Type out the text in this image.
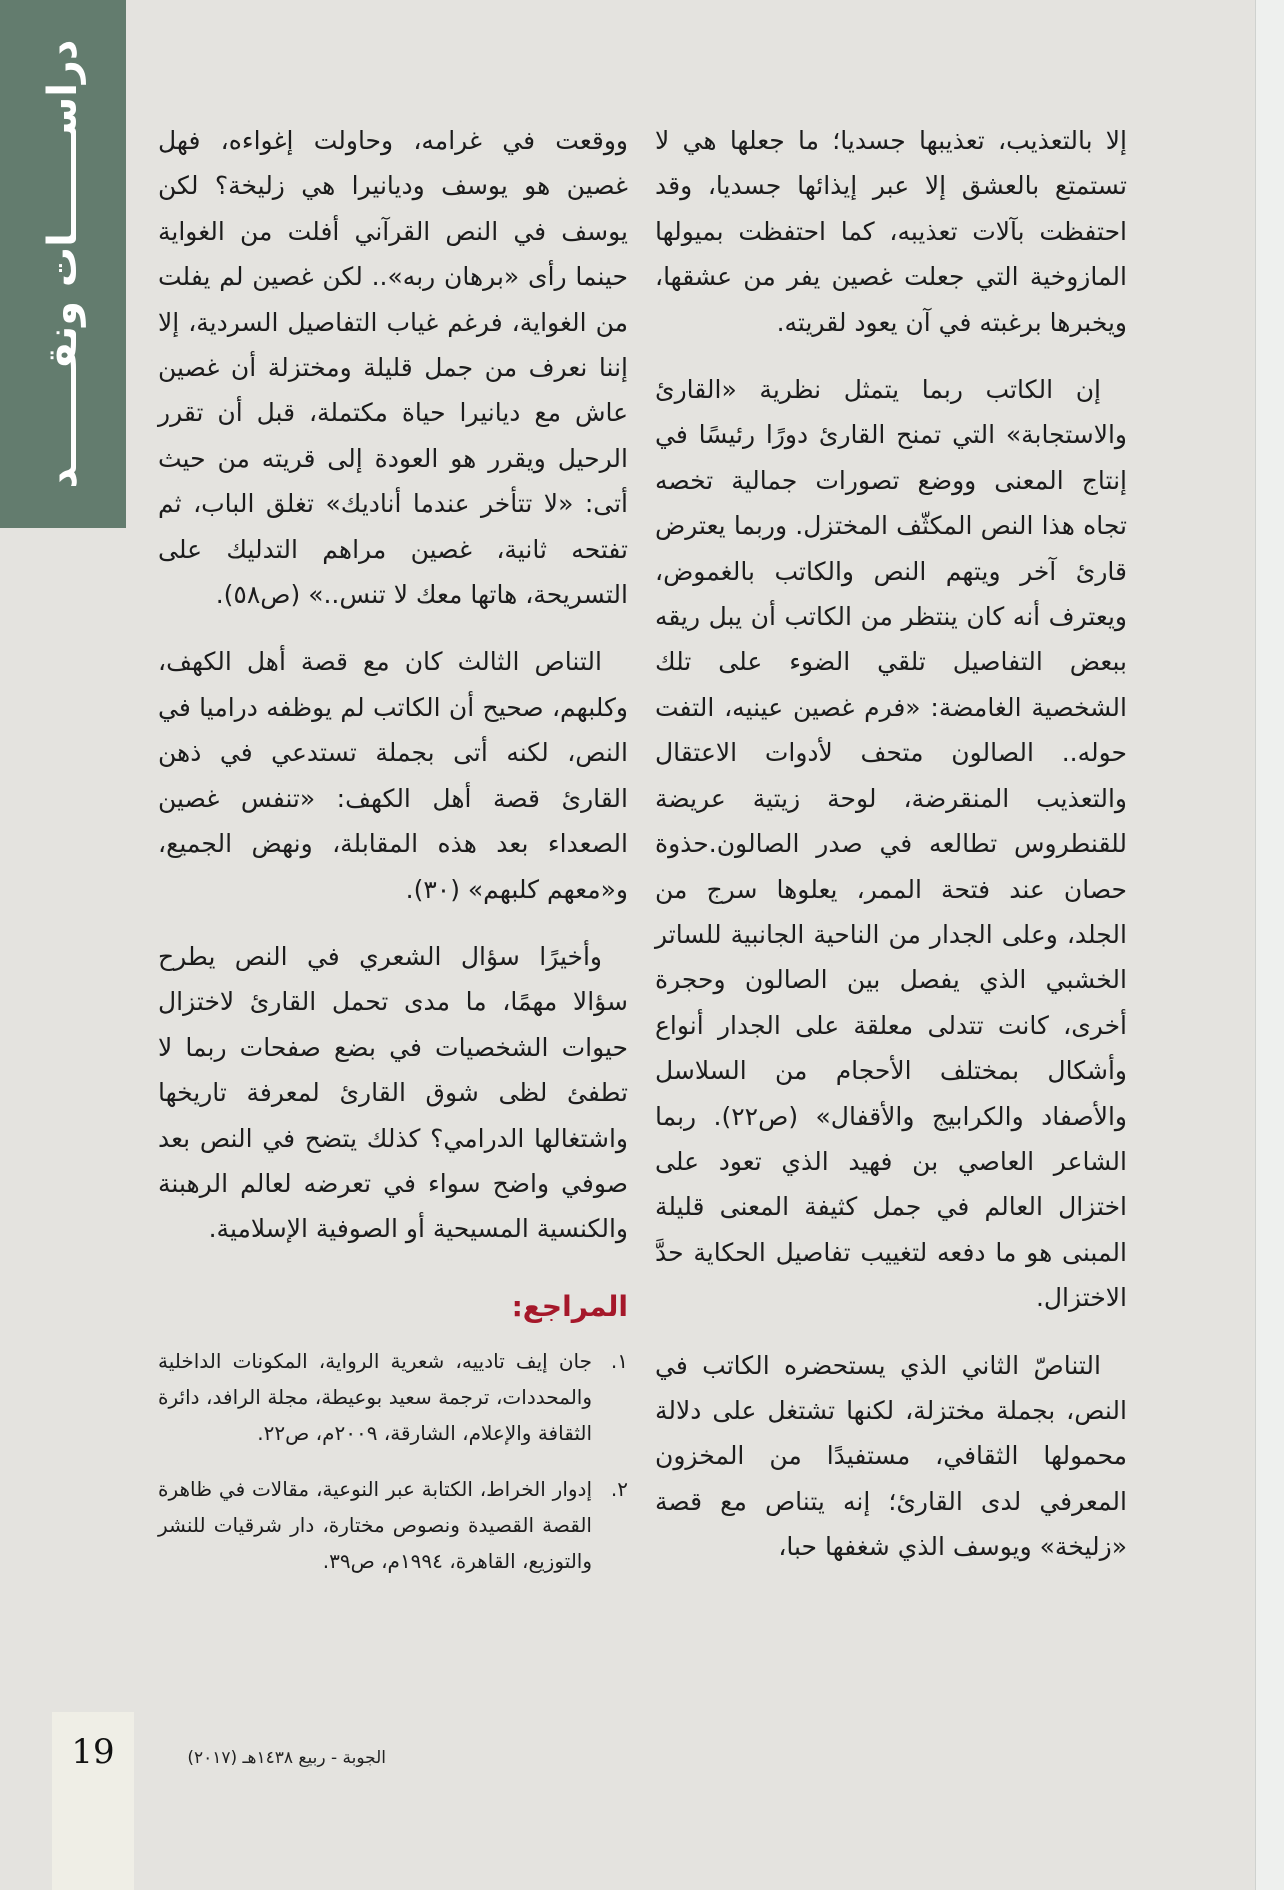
دراســـــــات ونقـــــــد	إلا بالتعذيب، تعذيبها جسديا؛ ما جعلها هي لا تستمتع بالعشق إلا عبر إيذائها جسديا، وقد احتفظت بآلات تعذيبه، كما احتفظت بميولها المازوخية التي جعلت غصين يفر من عشقها، ويخبرها برغبته في آن يعود لقريته.

إن الكاتب ربما يتمثل نظرية «القارئ والاستجابة» التي تمنح القارئ دورًا رئيسًا في إنتاج المعنى ووضع تصورات جمالية تخصه تجاه هذا النص المكثّف المختزل. وربما يعترض قارئ آخر ويتهم النص والكاتب بالغموض، ويعترف أنه كان ينتظر من الكاتب أن يبل ريقه ببعض التفاصيل تلقي الضوء على تلك الشخصية الغامضة: «فرم غصين عينيه، التفت حوله.. الصالون متحف لأدوات الاعتقال والتعذيب المنقرضة، لوحة زيتية عريضة للقنطروس تطالعه في صدر الصالون.حذوة حصان عند فتحة الممر، يعلوها سرج من الجلد، وعلى الجدار من الناحية الجانبية للساتر الخشبي الذي يفصل بين الصالون وحجرة أخرى، كانت تتدلى معلقة على الجدار أنواع وأشكال بمختلف الأحجام من السلاسل والأصفاد والكرابيج والأقفال» (ص٢٢). ربما الشاعر العاصي بن فهيد الذي تعود على اختزال العالم في جمل كثيفة المعنى قليلة المبنى هو ما دفعه لتغييب تفاصيل الحكاية حدَّ الاختزال.

التناصّ الثاني الذي يستحضره الكاتب في النص، بجملة مختزلة، لكنها تشتغل على دلالة محمولها الثقافي، مستفيدًا من المخزون المعرفي لدى القارئ؛ إنه يتناص مع قصة «زليخة» ويوسف الذي شغفها حبا،

ووقعت في غرامه، وحاولت إغواءه، فهل غصين هو يوسف وديانيرا هي زليخة؟ لكن يوسف في النص القرآني أفلت من الغواية حينما رأى «برهان ربه».. لكن غصين لم يفلت من الغواية، فرغم غياب التفاصيل السردية، إلا إننا نعرف من جمل قليلة ومختزلة أن غصين عاش مع ديانيرا حياة مكتملة، قبل أن تقرر الرحيل ويقرر هو العودة إلى قريته من حيث أتى: «لا تتأخر عندما أناديك» تغلق الباب، ثم تفتحه ثانية، غصين مراهم التدليك على التسريحة، هاتها معك لا تنس..» (ص٥٨).

التناص الثالث كان مع قصة أهل الكهف، وكلبهم، صحيح أن الكاتب لم يوظفه دراميا في النص، لكنه أتى بجملة تستدعي في ذهن القارئ قصة أهل الكهف: «تنفس غصين الصعداء بعد هذه المقابلة، ونهض الجميع، و«معهم كلبهم» (٣٠).

وأخيرًا سؤال الشعري في النص يطرح سؤالا مهمًا، ما مدى تحمل القارئ لاختزال حيوات الشخصيات في بضع صفحات ربما لا تطفئ لظى شوق القارئ لمعرفة تاريخها واشتغالها الدرامي؟ كذلك يتضح في النص بعد صوفي واضح سواء في تعرضه لعالم الرهبنة والكنسية المسيحية أو الصوفية الإسلامية.

المراجع:
١.
جان إيف تادييه، شعرية الرواية، المكونات الداخلية والمحددات، ترجمة سعيد بوعيطة، مجلة الرافد، دائرة الثقافة والإعلام، الشارقة، ٢٠٠٩م، ص٢٢.
٢.
إدوار الخراط، الكتابة عبر النوعية، مقالات في ظاهرة القصة القصيدة ونصوص مختارة، دار شرقيات للنشر والتوزيع، القاهرة، ١٩٩٤م، ص٣٩.
19	الجوبة - ربيع ١٤٣٨هـ (٢٠١٧)
